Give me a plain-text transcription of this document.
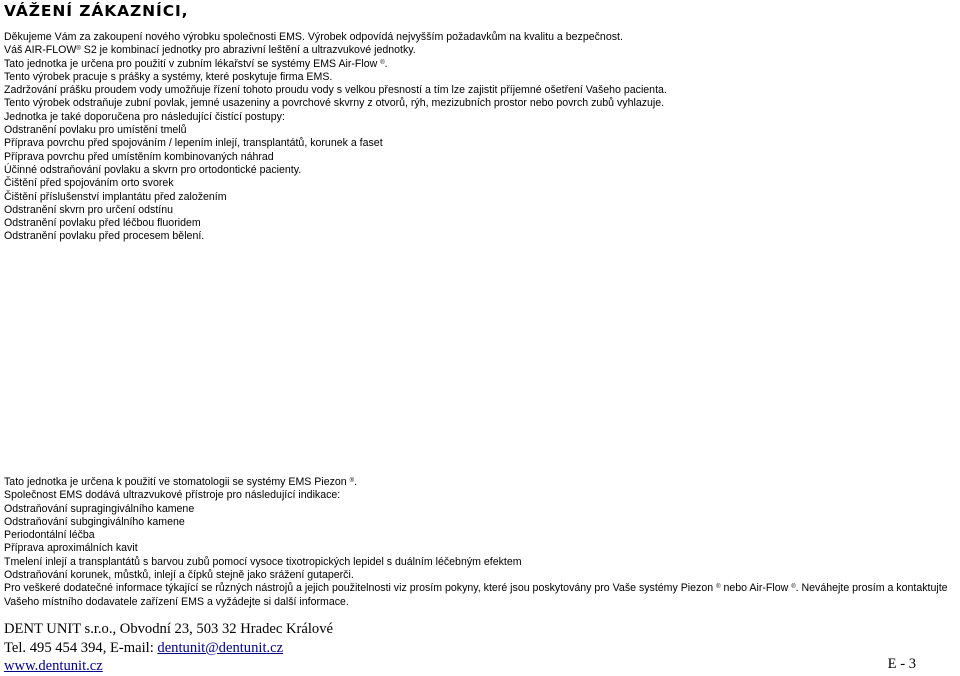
VÁŽENÍ ZÁKAZNÍCI,
Děkujeme Vám za zakoupení nového výrobku společnosti EMS. Výrobek odpovídá nejvyšším požadavkům na kvalitu a bezpečnost.
Váš AIR-FLOW® S2 je kombinací jednotky pro abrazivní leštění a ultrazvukové jednotky.
Tato jednotka je určena pro použití v zubním lékařství se systémy EMS Air-Flow ®.
Tento výrobek pracuje s prášky a systémy, které poskytuje firma EMS.
Zadržování prášku proudem vody umožňuje řízení tohoto proudu vody s velkou přesností a tím lze zajistit příjemné ošetření Vašeho pacienta.
Tento výrobek odstraňuje zubní povlak, jemné usazeniny a povrchové skvrny z otvorů, rýh, mezizubních prostor nebo povrch zubů vyhlazuje.
Jednotka je také doporučena pro následující čistící postupy:
Odstranění povlaku pro umístění tmelů
Příprava povrchu před spojováním / lepením inlejí, transplantátů, korunek a faset
Příprava povrchu před umístěním kombinovaných náhrad
Účinné odstraňování povlaku a skvrn pro ortodontické pacienty.
Čištění před spojováním orto svorek
Čištění příslušenství implantátu před založením
Odstranění skvrn pro určení odstínu
Odstranění povlaku před léčbou fluoridem
Odstranění povlaku před procesem bělení.
Tato jednotka je určena k použití ve stomatologii se systémy EMS Piezon ®.
Společnost EMS dodává ultrazvukové přístroje pro následující indikace:
Odstraňování supragingiválního kamene
Odstraňování subgingiválního kamene
Periodontální léčba
Příprava aproximálních kavit
Tmelení inlejí a transplantátů s barvou zubů pomocí vysoce tixotropických lepidel s duálním léčebným efektem
Odstraňování korunek, můstků, inlejí a čípků stejně jako srážení gutaperči.
Pro veškeré dodatečné informace týkající se různých nástrojů a jejich použitelnosti viz prosím pokyny, které jsou poskytovány pro Vaše systémy Piezon ® nebo Air-Flow ®. Neváhejte prosím a kontaktujte Vašeho místního dodavatele zařízení EMS a vyžádejte si další informace.
DENT UNIT s.r.o., Obvodní 23, 503 32 Hradec Králové
Tel. 495 454 394, E-mail: dentunit@dentunit.cz
www.dentunit.cz	E - 3
